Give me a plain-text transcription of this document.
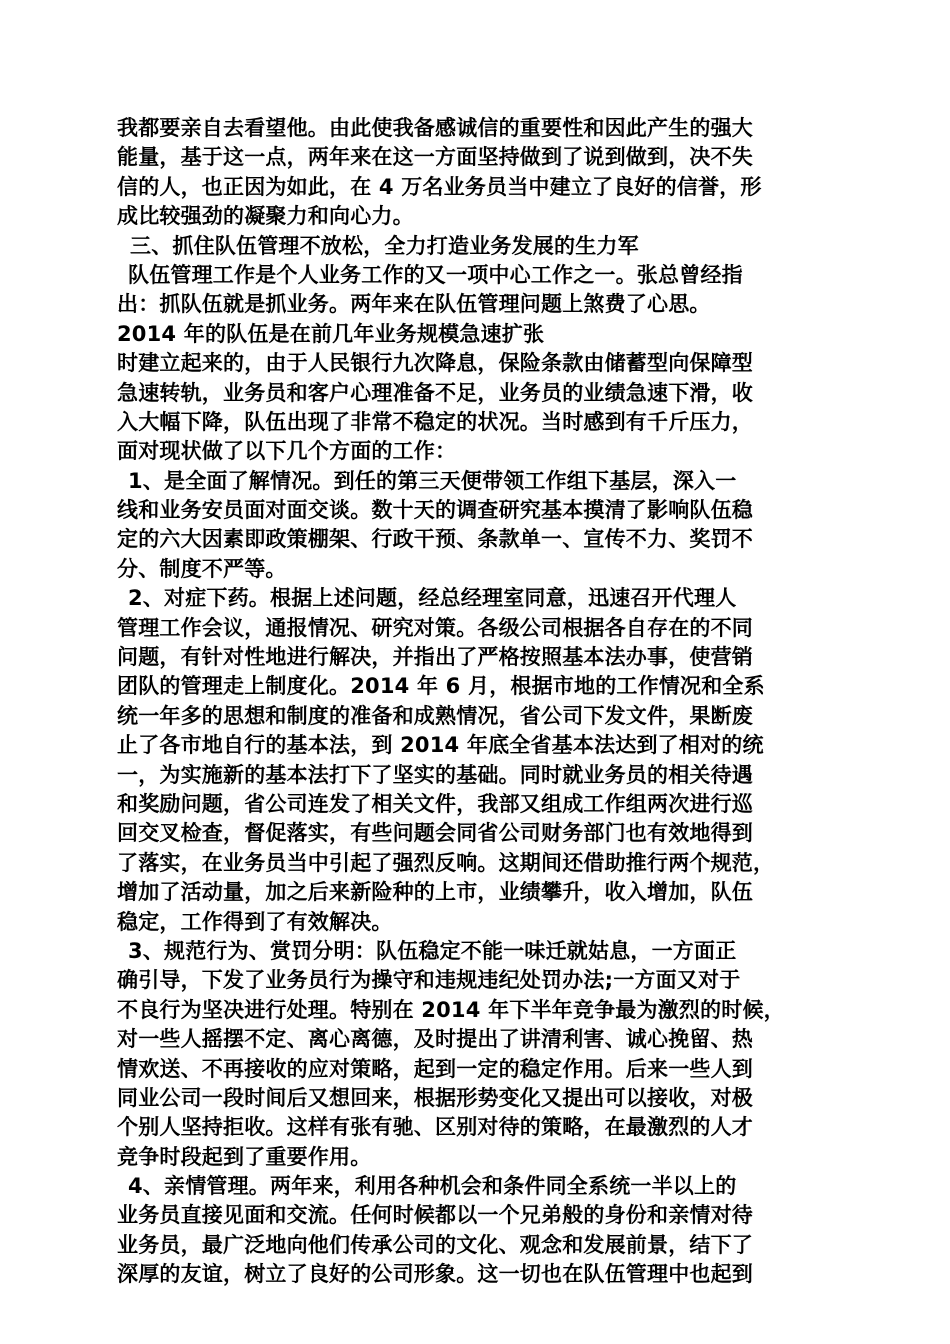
我都要亲自去看望他。由此使我备感诚信的重要性和因此产生的强大
能量，基于这一点，两年来在这一方面坚持做到了说到做到，决不失
信的人，也正因为如此，在 4 万名业务员当中建立了良好的信誉，形
成比较强劲的凝聚力和向心力。
三、抓住队伍管理不放松，全力打造业务发展的生力军
队伍管理工作是个人业务工作的又一项中心工作之一。张总曾经指
出：抓队伍就是抓业务。两年来在队伍管理问题上煞费了心思。
2014 年的队伍是在前几年业务规模急速扩张
时建立起来的，由于人民银行九次降息，保险条款由储蓄型向保障型
急速转轨，业务员和客户心理准备不足，业务员的业绩急速下滑，收
入大幅下降，队伍出现了非常不稳定的状况。当时感到有千斤压力，
面对现状做了以下几个方面的工作：
1、是全面了解情况。到任的第三天便带领工作组下基层，深入一
线和业务安员面对面交谈。数十天的调查研究基本摸清了影响队伍稳
定的六大因素即政策棚架、行政干预、条款单一、宣传不力、奖罚不
分、制度不严等。
2、对症下药。根据上述问题，经总经理室同意，迅速召开代理人
管理工作会议，通报情况、研究对策。各级公司根据各自存在的不同
问题，有针对性地进行解决，并指出了严格按照基本法办事，使营销
团队的管理走上制度化。2014 年 6 月，根据市地的工作情况和全系
统一年多的思想和制度的准备和成熟情况，省公司下发文件，果断废
止了各市地自行的基本法，到 2014 年底全省基本法达到了相对的统
一，为实施新的基本法打下了坚实的基础。同时就业务员的相关待遇
和奖励问题，省公司连发了相关文件，我部又组成工作组两次进行巡
回交叉检查，督促落实，有些问题会同省公司财务部门也有效地得到
了落实，在业务员当中引起了强烈反响。这期间还借助推行两个规范，
增加了活动量，加之后来新险种的上市，业绩攀升，收入增加，队伍
稳定，工作得到了有效解决。
3、规范行为、赏罚分明：队伍稳定不能一味迁就姑息，一方面正
确引导，下发了业务员行为操守和违规违纪处罚办法;一方面又对于
不良行为坚决进行处理。特别在 2014 年下半年竞争最为激烈的时候，
对一些人摇摆不定、离心离德，及时提出了讲清利害、诚心挽留、热
情欢送、不再接收的应对策略，起到一定的稳定作用。后来一些人到
同业公司一段时间后又想回来，根据形势变化又提出可以接收，对极
个别人坚持拒收。这样有张有驰、区别对待的策略，在最激烈的人才
竞争时段起到了重要作用。
4、亲情管理。两年来，利用各种机会和条件同全系统一半以上的
业务员直接见面和交流。任何时候都以一个兄弟般的身份和亲情对待
业务员，最广泛地向他们传承公司的文化、观念和发展前景，结下了
深厚的友谊，树立了良好的公司形象。这一切也在队伍管理中也起到
